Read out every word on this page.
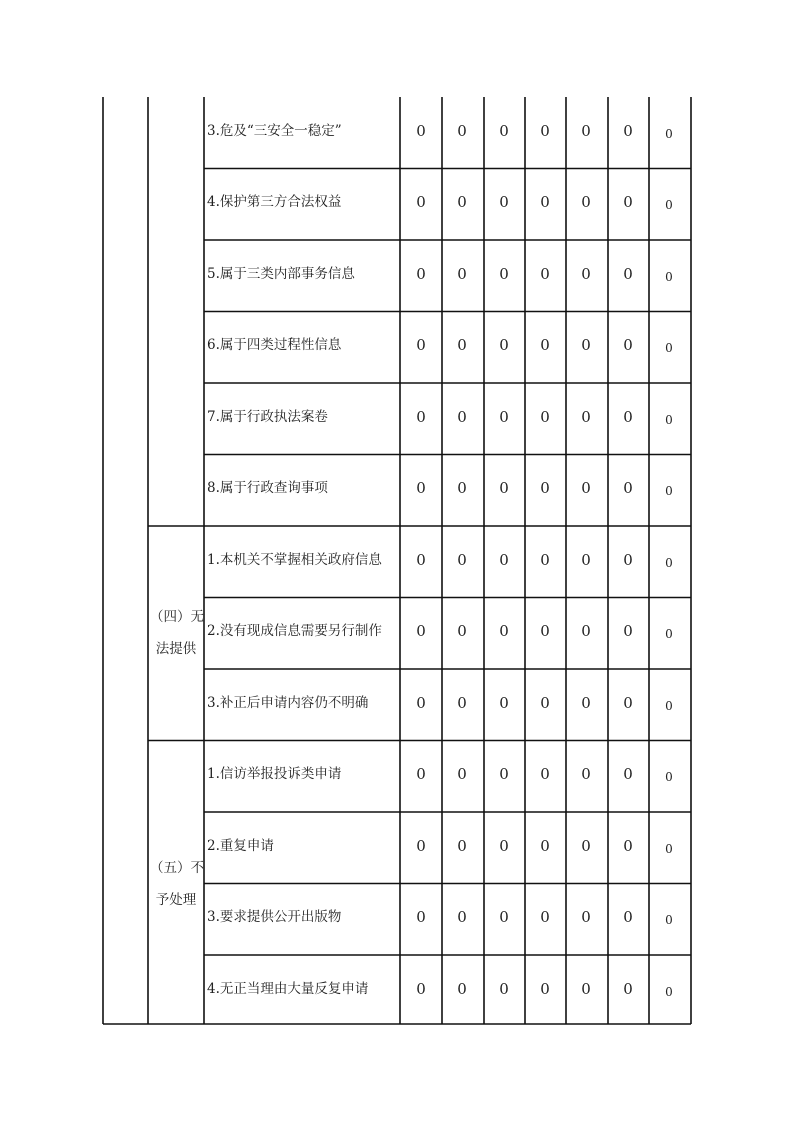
3.危及“三安全一稳定”	0	0	0	0	0	0	0
4.保护第三方合法权益	0	0	0	0	0	0	0
5.属于三类内部事务信息	0	0	0	0	0	0	0
6.属于四类过程性信息	0	0	0	0	0	0	0
7.属于行政执法案卷	0	0	0	0	0	0	0
8.属于行政查询事项	0	0	0	0	0	0	0
1.本机关不掌握相关政府信息	0	0	0	0	0	0	0
2.没有现成信息需要另行制作	0	0	0	0	0	0	0
3.补正后申请内容仍不明确	0	0	0	0	0	0	0
（四）无
法提供
1.信访举报投诉类申请	0	0	0	0	0	0	0
2.重复申请	0	0	0	0	0	0	0
3.要求提供公开出版物	0	0	0	0	0	0	0
4.无正当理由大量反复申请	0	0	0	0	0	0	0
（五）不
予处理
